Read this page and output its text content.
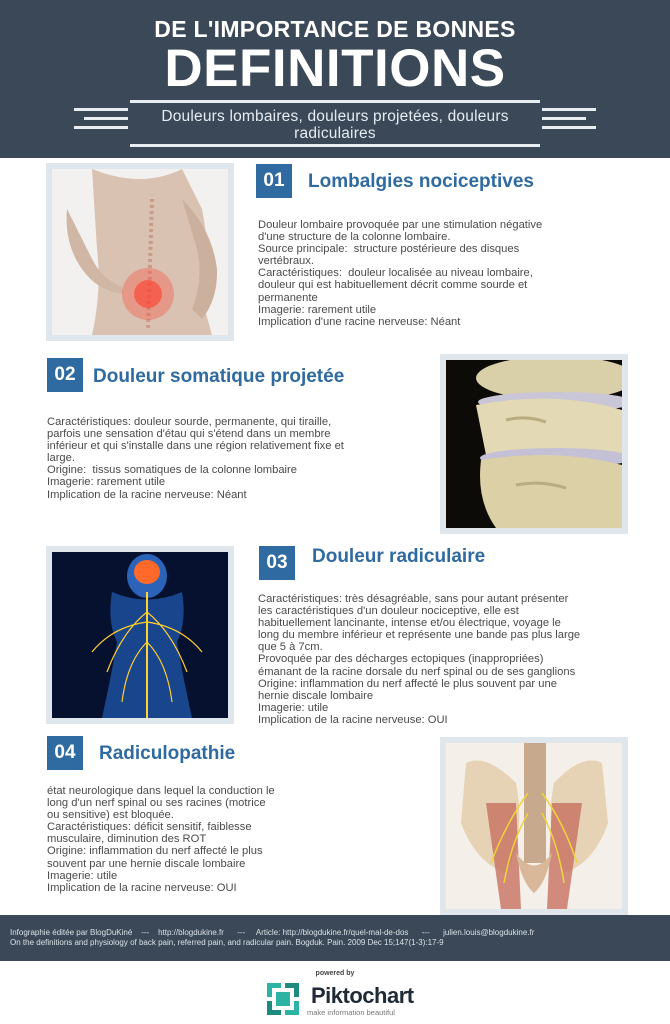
DE L'IMPORTANCE DE BONNES
DEFINITIONS
Douleurs lombaires, douleurs projetées, douleurs
radiculaires
01	Lombalgies nociceptives
Douleur lombaire provoquée par une stimulation négative
d'une structure de la colonne lombaire.
Source principale:  structure postérieure des disques
vertébraux.
Caractéristiques:  douleur localisée au niveau lombaire,
douleur qui est habituellement décrit comme sourde et
permanente
Imagerie: rarement utile
Implication d'une racine nerveuse: Néant
02 Douleur somatique projetée
Caractéristiques: douleur sourde, permanente, qui tiraille,
parfois une sensation d'étau qui s'étend dans un membre
inférieur et qui s'installe dans une région relativement fixe et
large.
Origine:  tissus somatiques de la colonne lombaire
Imagerie: rarement utile
Implication de la racine nerveuse: Néant
03	Douleur radiculaire
Caractéristiques: très désagréable, sans pour autant présenter
les caractéristiques d'un douleur nociceptive, elle est
habituellement lancinante, intense et/ou électrique, voyage le
long du membre inférieur et représente une bande pas plus large
que 5 à 7cm.
Provoquée par des décharges ectopiques (inappropriées)
émanant de la racine dorsale du nerf spinal ou de ses ganglions
Origine: inflammation du nerf affecté le plus souvent par une
hernie discale lombaire
Imagerie: utile
Implication de la racine nerveuse: OUI
04	Radiculopathie
état neurologique dans lequel la conduction le
long d'un nerf spinal ou ses racines (motrice
ou sensitive) est bloquée.
Caractéristiques: déficit sensitif, faiblesse
musculaire, diminution des ROT
Origine: inflammation du nerf affecté le plus
souvent par une hernie discale lombaire
Imagerie: utile
Implication de la racine nerveuse: OUI
Infographie éditée par BlogDuKiné    ---    http://blogdukine.fr      ---     Article: http://blogdukine.fr/quel-mal-de-dos      ---      julien.louis@blogdukine.fr
On the definitions and physiology of back pain, referred pain, and radicular pain. Bogduk. Pain. 2009 Dec 15;147(1-3):17-9
powered by
Piktochart
make information beautiful
